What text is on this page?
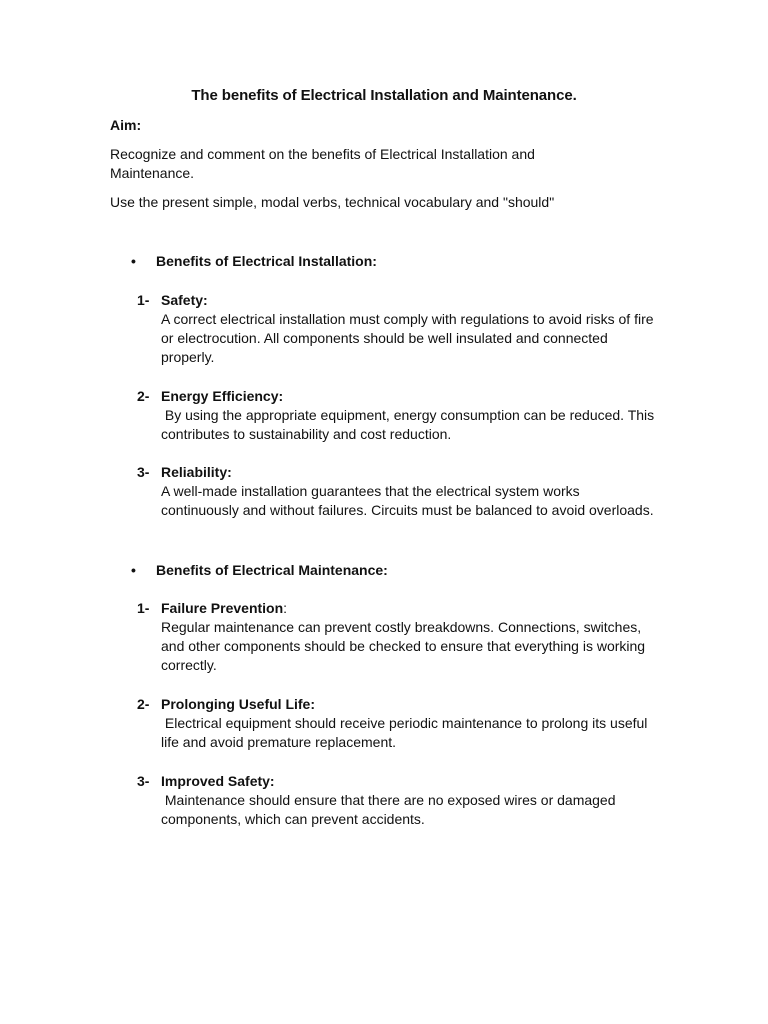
The benefits of Electrical Installation and Maintenance.
Aim:
Recognize and comment on the benefits of Electrical Installation and Maintenance.
Use the present simple, modal verbs, technical vocabulary and "should"
• Benefits of Electrical Installation:
1- Safety:
A correct electrical installation must comply with regulations to avoid risks of fire or electrocution. All components should be well insulated and connected properly.
2- Energy Efficiency:
By using the appropriate equipment, energy consumption can be reduced. This contributes to sustainability and cost reduction.
3- Reliability:
A well-made installation guarantees that the electrical system works continuously and without failures. Circuits must be balanced to avoid overloads.
• Benefits of Electrical Maintenance:
1- Failure Prevention:
Regular maintenance can prevent costly breakdowns. Connections, switches, and other components should be checked to ensure that everything is working correctly.
2- Prolonging Useful Life:
Electrical equipment should receive periodic maintenance to prolong its useful life and avoid premature replacement.
3- Improved Safety:
Maintenance should ensure that there are no exposed wires or damaged components, which can prevent accidents.
